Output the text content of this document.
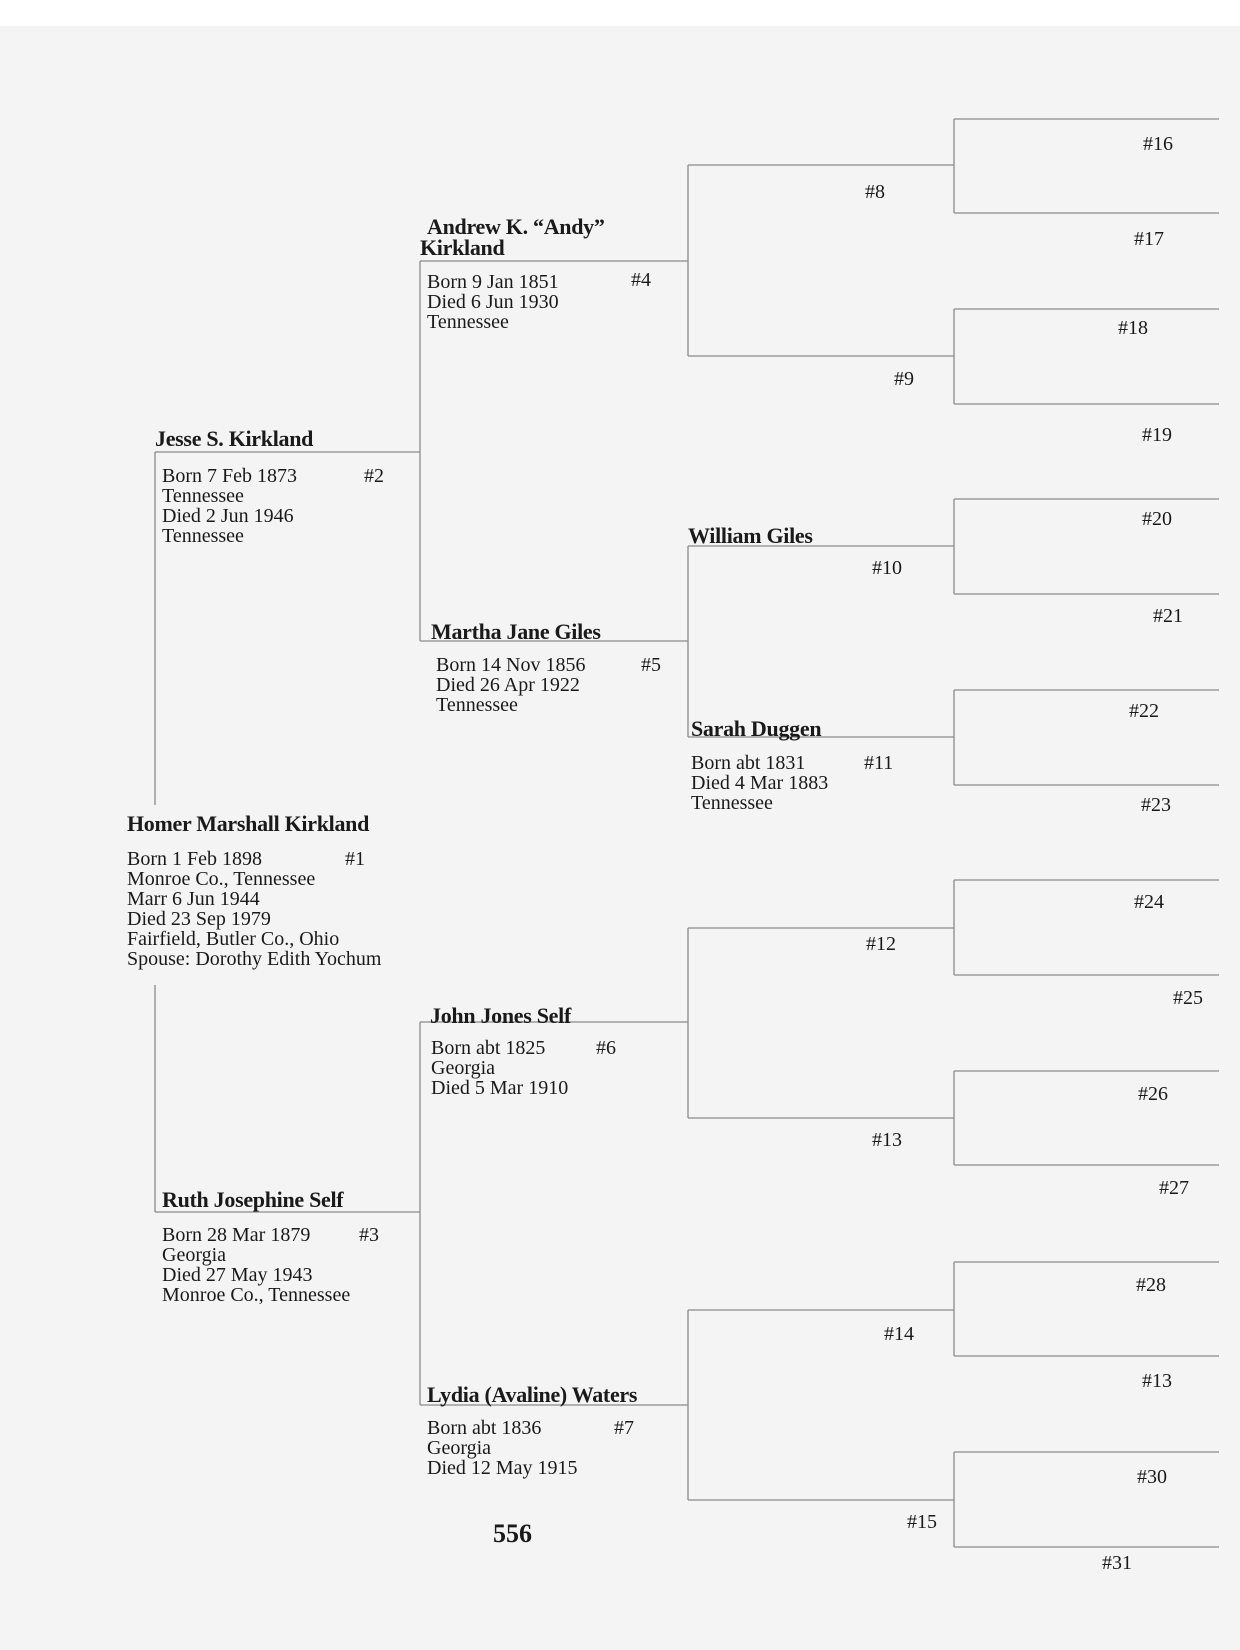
Homer Marshall Kirkland
Born 1 Feb 1898
Monroe Co., Tennessee
Marr 6 Jun 1944
Died 23 Sep 1979
Fairfield, Butler Co., Ohio
Spouse: Dorothy Edith Yochum
#1
Jesse S. Kirkland
Born 7 Feb 1873
Tennessee
Died 2 Jun 1946
Tennessee
#2
Ruth Josephine Self
Born 28 Mar 1879
Georgia
Died 27 May 1943
Monroe Co., Tennessee
#3
Andrew K. “Andy”
Kirkland
Born 9 Jan 1851
Died 6 Jun 1930
Tennessee
#4
Martha Jane Giles
Born 14 Nov 1856
Died 26 Apr 1922
Tennessee
#5
John Jones Self
Born abt 1825
Georgia
Died 5 Mar 1910
#6
Lydia (Avaline) Waters
Born abt 1836
Georgia
Died 12 May 1915
#7
William Giles
#10
Sarah Duggen
Born abt 1831
Died 4 Mar 1883
Tennessee
#11
#8
#9
#12
#13
#14
#15
#16
#17
#18
#19
#20
#21
#22
#23
#24
#25
#26
#27
#28
#13
#30
#31
556
